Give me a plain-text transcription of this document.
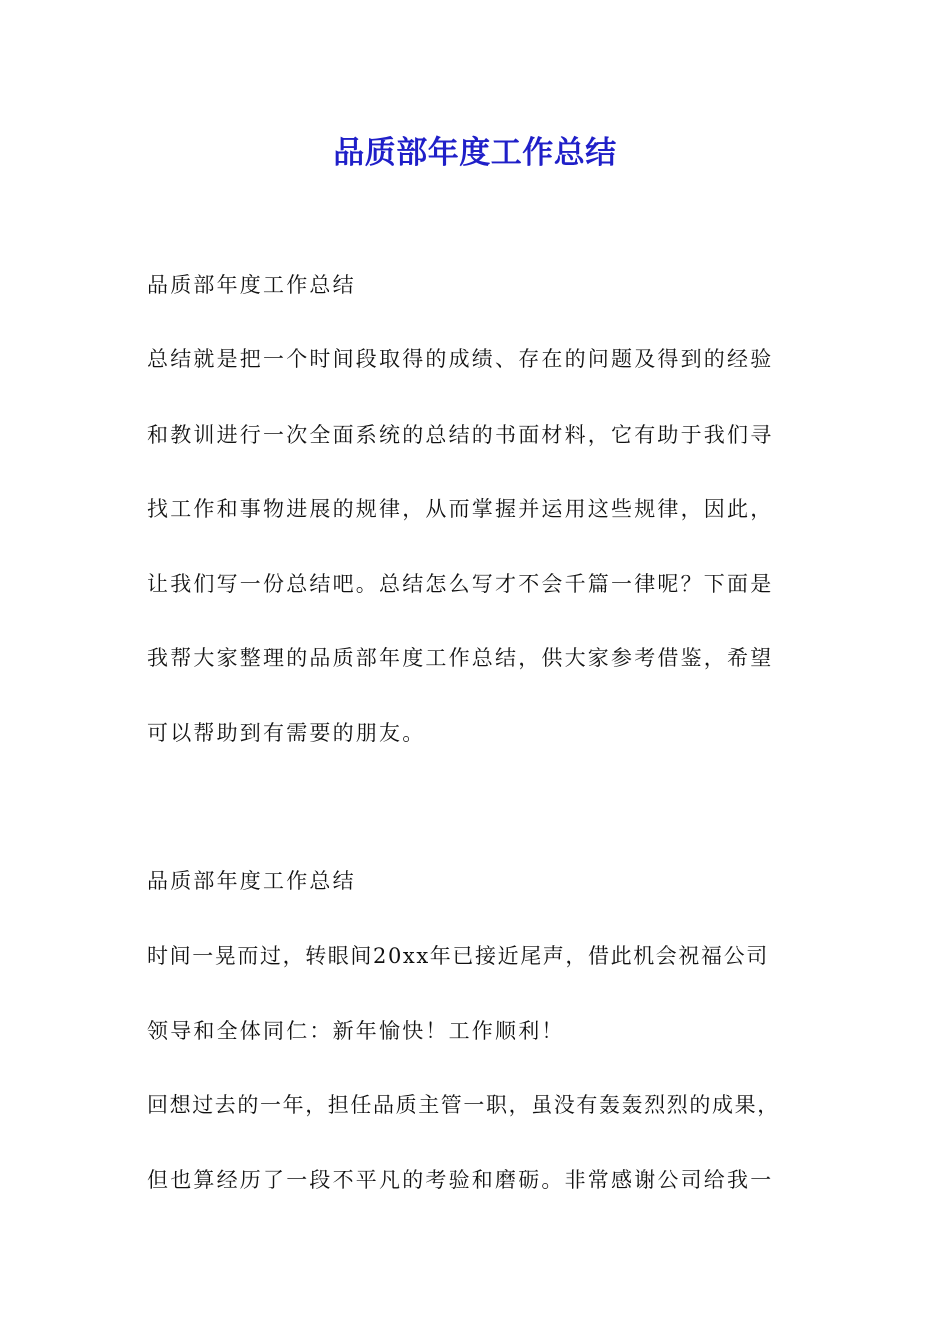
品质部年度工作总结
品质部年度工作总结
总结就是把一个时间段取得的成绩、存在的问题及得到的经验
和教训进行一次全面系统的总结的书面材料，它有助于我们寻
找工作和事物进展的规律，从而掌握并运用这些规律，因此，
让我们写一份总结吧。总结怎么写才不会千篇一律呢？下面是
我帮大家整理的品质部年度工作总结，供大家参考借鉴，希望
可以帮助到有需要的朋友。
品质部年度工作总结
时间一晃而过，转眼间20xx年已接近尾声，借此机会祝福公司
领导和全体同仁：新年愉快！工作顺利！
回想过去的一年，担任品质主管一职，虽没有轰轰烈烈的成果，
但也算经历了一段不平凡的考验和磨砺。非常感谢公司给我一
